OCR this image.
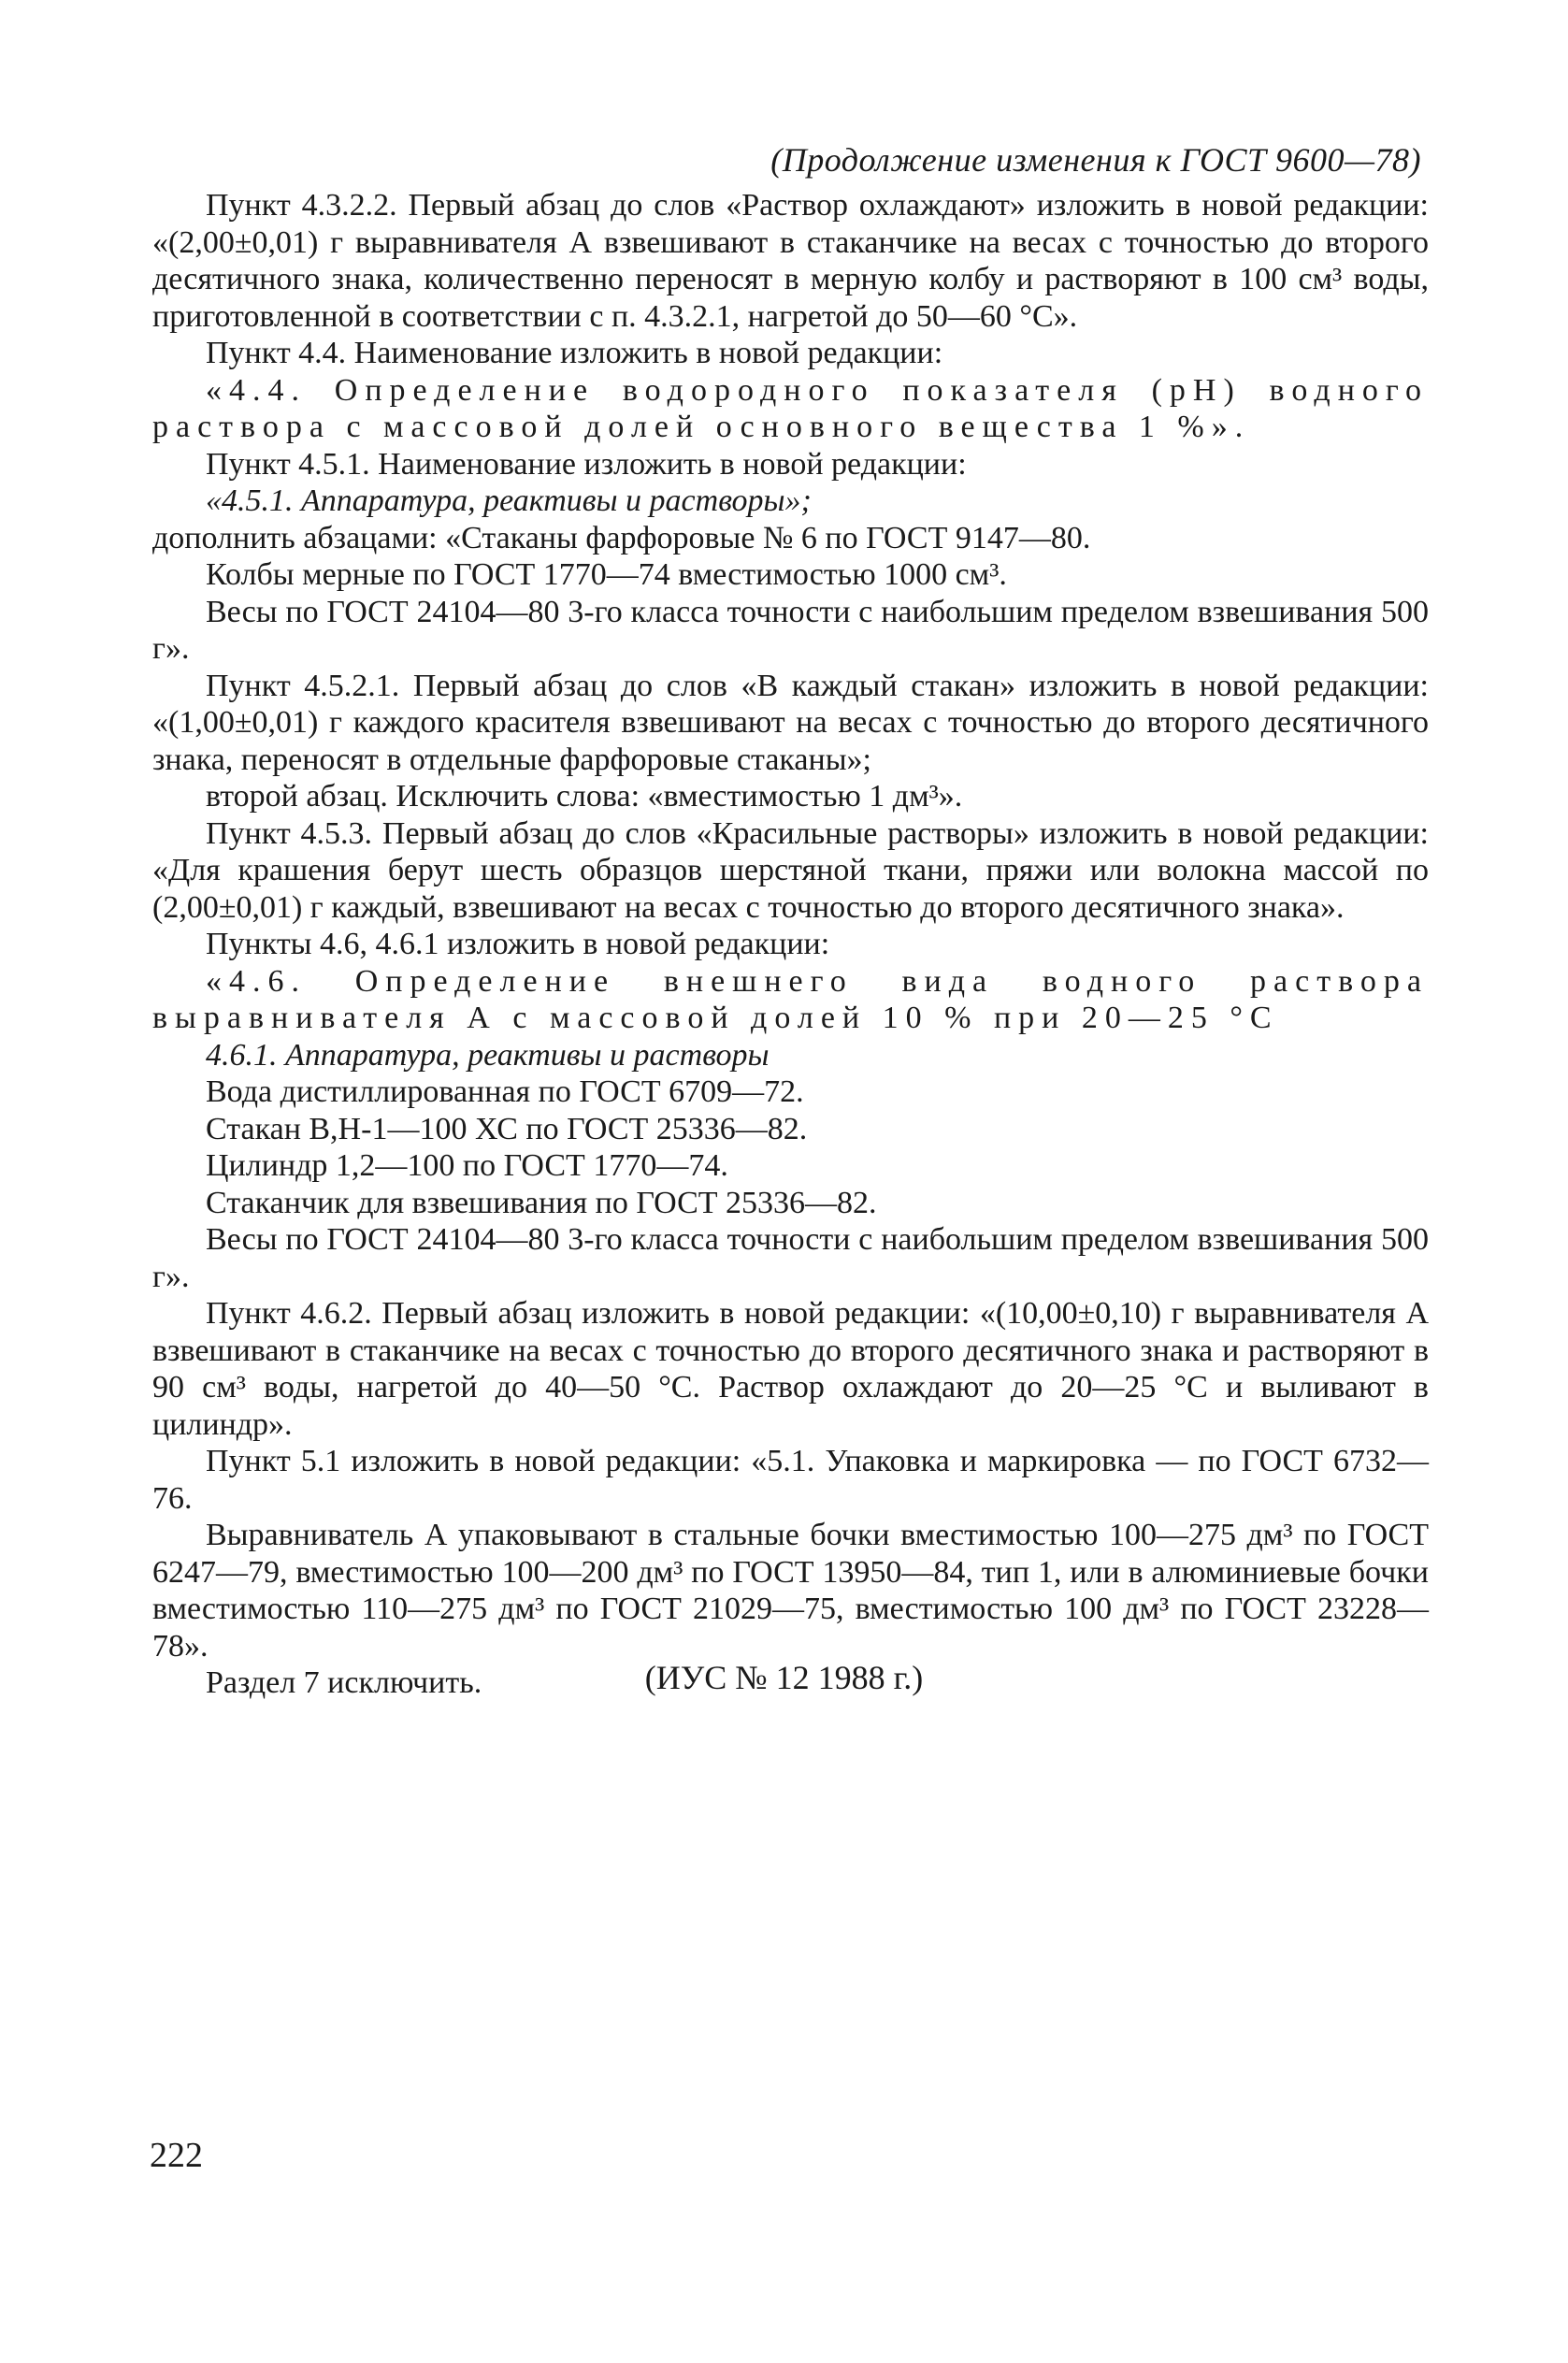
(Продолжение изменения к ГОСТ 9600—78)

Пункт 4.3.2.2. Первый абзац до слов «Раствор охлаждают» изложить в новой редакции: «(2,00±0,01) г выравнивателя А взвешивают в стаканчике на весах с точностью до второго десятичного знака, количественно переносят в мерную колбу и растворяют в 100 см³ воды, приготовленной в соответствии с п. 4.3.2.1, нагретой до 50—60 °С».

Пункт 4.4. Наименование изложить в новой редакции:

«4.4. Определение водородного показателя (pH) водного раствора с массовой долей основного вещества 1 %».

Пункт 4.5.1. Наименование изложить в новой редакции:

«4.5.1. Аппаратура, реактивы и растворы»;

дополнить абзацами: «Стаканы фарфоровые № 6 по ГОСТ 9147—80.

Колбы мерные по ГОСТ 1770—74 вместимостью 1000 см³.

Весы по ГОСТ 24104—80 3-го класса точности с наибольшим пределом взвешивания 500 г».

Пункт 4.5.2.1. Первый абзац до слов «В каждый стакан» изложить в новой редакции: «(1,00±0,01) г каждого красителя взвешивают на весах с точностью до второго десятичного знака, переносят в отдельные фарфоровые стаканы»;

второй абзац. Исключить слова: «вместимостью 1 дм³».

Пункт 4.5.3. Первый абзац до слов «Красильные растворы» изложить в новой редакции: «Для крашения берут шесть образцов шерстяной ткани, пряжи или волокна массой по (2,00±0,01) г каждый, взвешивают на весах с точностью до второго десятичного знака».

Пункты 4.6, 4.6.1 изложить в новой редакции:

«4.6. Определение внешнего вида водного раствора выравнивателя А с массовой долей 10 % при 20—25 °С

4.6.1. Аппаратура, реактивы и растворы

Вода дистиллированная по ГОСТ 6709—72.

Стакан В,Н-1—100 ХС по ГОСТ 25336—82.

Цилиндр 1,2—100 по ГОСТ 1770—74.

Стаканчик для взвешивания по ГОСТ 25336—82.

Весы по ГОСТ 24104—80 3-го класса точности с наибольшим пределом взвешивания 500 г».

Пункт 4.6.2. Первый абзац изложить в новой редакции: «(10,00±0,10) г выравнивателя А взвешивают в стаканчике на весах с точностью до второго десятичного знака и растворяют в 90 см³ воды, нагретой до 40—50 °С. Раствор охлаждают до 20—25 °С и выливают в цилиндр».

Пункт 5.1 изложить в новой редакции: «5.1. Упаковка и маркировка — по ГОСТ 6732—76.

Выравниватель А упаковывают в стальные бочки вместимостью 100—275 дм³ по ГОСТ 6247—79, вместимостью 100—200 дм³ по ГОСТ 13950—84, тип 1, или в алюминиевые бочки вместимостью 110—275 дм³ по ГОСТ 21029—75, вместимостью 100 дм³ по ГОСТ 23228—78».

Раздел 7 исключить.	(ИУС № 12 1988 г.)
222
